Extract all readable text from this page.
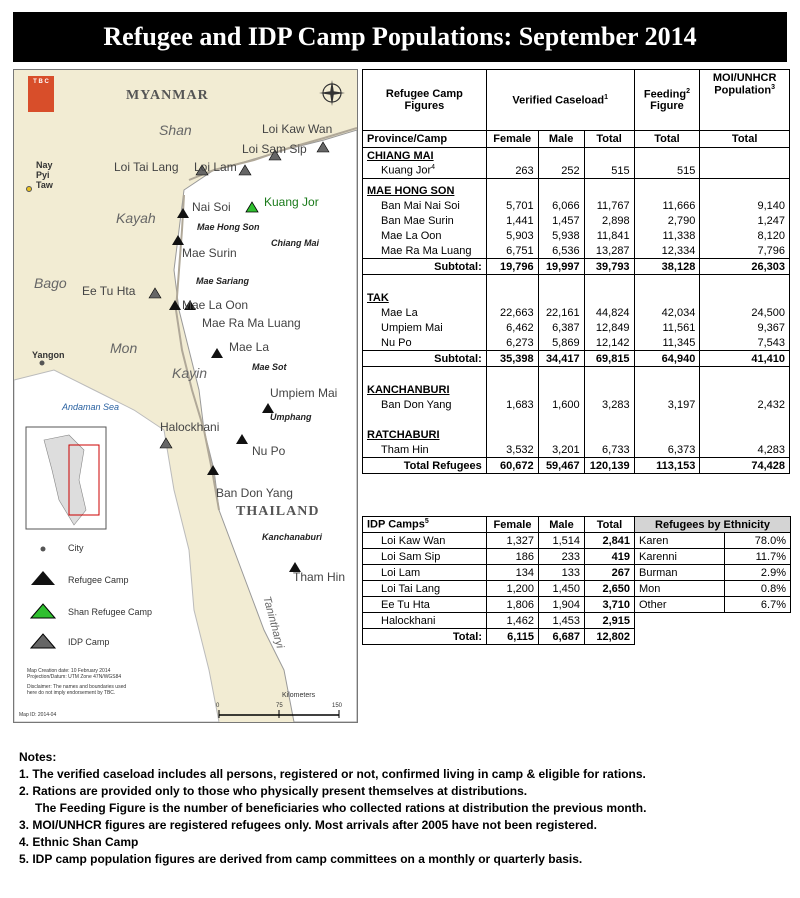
Refugee and IDP Camp Populations: September 2014
T B C
MYANMAR
THAILAND
Shan
Kayah
Bago
Mon
Kayin
Tanintharyi
Nay Pyi Taw
Yangon
Andaman Sea
Mae Hong Son
Chiang Mai
Mae Sariang
Mae Sot
Umphang
Kanchanaburi
Loi Kaw Wan
Loi Sam Sip
Loi Tai Lang Loi Lam
Nai Soi	Kuang Jor
Mae Surin
Ee Tu Hta
Mae La Oon
Mae Ra Ma Luang
Mae La
Umpiem Mai
Halockhani
Nu Po
Ban Don Yang
Tham Hin
City
Refugee Camp
Shan Refugee Camp
IDP Camp
Map Creation date: 10 February 2014
Projection/Datum: UTM Zone 47N/WGS84
Disclaimer: The names and boundaries used
here do not imply endorsement by TBC.
Map ID: 2014-04
Kilometers
0	75	150
Refugee Camp
Figures	Verified Caseload$^1$			Feeding$^2$
Figure	MOI/UNHCR
Population$^3$
Province/Camp	Female	Male	Total	Total	Total
CHIANG MAI					
Kuang Jor$^4$	263	252	515	515	
MAE HONG SON					
Ban Mai Nai Soi	5,701	6,066	11,767	11,666	9,140
Ban Mae Surin	1,441	1,457	2,898	2,790	1,247
Mae La Oon	5,903	5,938	11,841	11,338	8,120
Mae Ra Ma Luang	6,751	6,536	13,287	12,334	7,796
Subtotal:	19,796	19,997	39,793	38,128	26,303

TAK					
Mae La	22,663	22,161	44,824	42,034	24,500
Umpiem Mai	6,462	6,387	12,849	11,561	9,367
Nu Po	6,273	5,869	12,142	11,345	7,543
Subtotal:	35,398	34,417	69,815	64,940	41,410

KANCHANBURI					
Ban Don Yang	1,683	1,600	3,283	3,197	2,432

RATCHABURI					
Tham Hin	3,532	3,201	6,733	6,373	4,283
Total Refugees	60,672	59,467	120,139	113,153	74,428
IDP Camps$^5$	Female	Male	Total	Refugees by Ethnicity	
Loi Kaw Wan	1,327	1,514	2,841	Karen	78.0%
Loi Sam Sip	186	233	419	Karenni	11.7%
Loi Lam	134	133	267	Burman	2.9%
Loi Tai Lang	1,200	1,450	2,650	Mon	0.8%
Ee Tu Hta	1,806	1,904	3,710	Other	6.7%
Halockhani	1,462	1,453	2,915		
Total:	6,115	6,687	12,802		
Notes:
1. The verified caseload includes all persons, registered or not, confirmed living in camp & eligible for rations.
2. Rations are provided only to those who physically present themselves at distributions.
The Feeding Figure is the number of beneficiaries who collected rations at distribution the previous month.
3. MOI/UNHCR figures are registered refugees only. Most arrivals after 2005 have not been registered.
4. Ethnic Shan Camp
5. IDP camp population figures are derived from camp committees on a monthly or quarterly basis.
